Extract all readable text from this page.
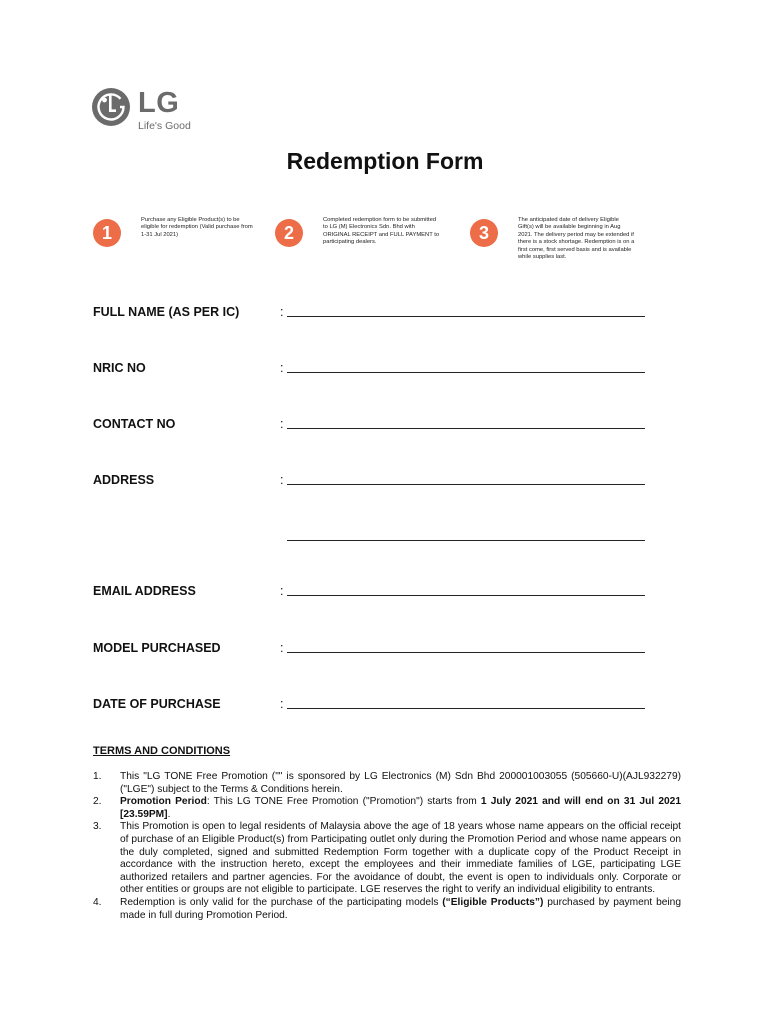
LG
Life's Good
Redemption Form
1
Purchase any Eligible Product(s) to be eligible for redemption (Valid purchase from 1-31 Jul 2021)	2
Completed redemption form to be submitted to LG (M) Electronics Sdn. Bhd with ORIGINAL RECEIPT and FULL PAYMENT to participating dealers.	3
The anticipated date of delivery Eligible Gift(s) will be available beginning in Aug 2021. The delivery period may be extended if there is a stock shortage. Redemption is on a first come, first served basis and is available while supplies last.
FULL NAME (AS PER IC)	:
NRIC NO	:
CONTACT NO	:
ADDRESS	:
EMAIL ADDRESS	:
MODEL PURCHASED	:
DATE OF PURCHASE	:
TERMS AND CONDITIONS
1. This "LG TONE Free Promotion ("" is sponsored by LG Electronics (M) Sdn Bhd 200001003055 (505660-U)(AJL932279)("LGE") subject to the Terms & Conditions herein.
2. Promotion Period: This LG TONE Free Promotion ("Promotion") starts from 1 July 2021 and will end on 31 Jul 2021 [23.59PM].
3. This Promotion is open to legal residents of Malaysia above the age of 18 years whose name appears on the official receipt of purchase of an Eligible Product(s) from Participating outlet only during the Promotion Period and whose name appears on the duly completed, signed and submitted Redemption Form together with a duplicate copy of the Product Receipt in accordance with the instruction hereto, except the employees and their immediate families of LGE, participating LGE authorized retailers and partner agencies. For the avoidance of doubt, the event is open to individuals only. Corporate or other entities or groups are not eligible to participate. LGE reserves the right to verify an individual eligibility to entrants.
4. Redemption is only valid for the purchase of the participating models (“Eligible Products”) purchased by payment being made in full during Promotion Period.
